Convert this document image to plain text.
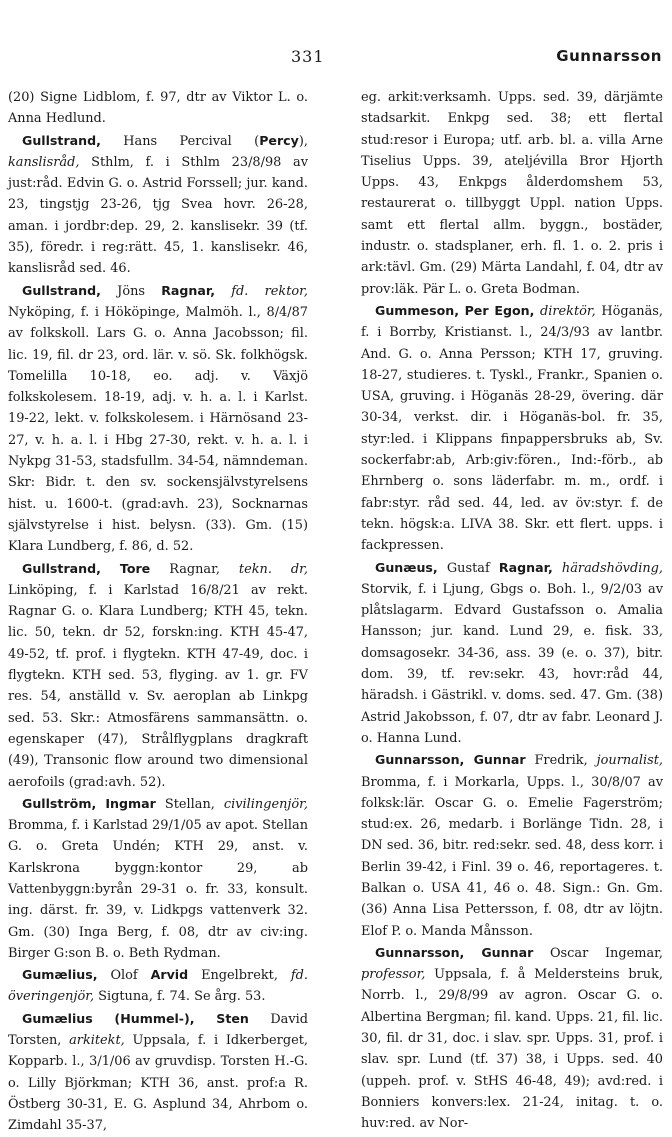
331	Gunnarsson

(20) Signe Lidblom, f. 97, dtr av Viktor L. o. Anna Hedlund.

Gullstrand, Hans Percival (Percy), kanslisråd, Sthlm, f. i Sthlm 23/8/98 av just:råd. Edvin G. o. Astrid Forssell; jur. kand. 23, tingstjg 23-26, tjg Svea hovr. 26-28, aman. i jordbr:dep. 29, 2. kanslisekr. 39 (tf. 35), föredr. i reg:rätt. 45, 1. kanslisekr. 46, kanslisråd sed. 46.

Gullstrand, Jöns Ragnar, fd. rektor, Nyköping, f. i Hököpinge, Malmöh. l., 8/4/87 av folkskoll. Lars G. o. Anna Jacobsson; fil. lic. 19, fil. dr 23, ord. lär. v. sö. Sk. folkhögsk. Tomelilla 10-18, eo. adj. v. Växjö folkskolesem. 18-19, adj. v. h. a. l. i Karlst. 19-22, lekt. v. folkskolesem. i Härnösand 23-27, v. h. a. l. i Hbg 27-30, rekt. v. h. a. l. i Nykpg 31-53, stadsfullm. 34-54, nämndeman. Skr: Bidr. t. den sv. sockensjälvstyrelsens hist. u. 1600-t. (grad:avh. 23), Socknarnas självstyrelse i hist. belysn. (33). Gm. (15) Klara Lundberg, f. 86, d. 52.

Gullstrand, Tore Ragnar, tekn. dr, Linköping, f. i Karlstad 16/8/21 av rekt. Ragnar G. o. Klara Lundberg; KTH 45, tekn. lic. 50, tekn. dr 52, forskn:ing. KTH 45-47, 49-52, tf. prof. i flygtekn. KTH 47-49, doc. i flygtekn. KTH sed. 53, flyging. av 1. gr. FV res. 54, anställd v. Sv. aeroplan ab Linkpg sed. 53. Skr.: Atmosfärens sammansättn. o. egenskaper (47), Strålflygplans dragkraft (49), Transonic flow around two dimensional aerofoils (grad:avh. 52).

Gullström, Ingmar Stellan, civilingenjör, Bromma, f. i Karlstad 29/1/05 av apot. Stellan G. o. Greta Undén; KTH 29, anst. v. Karlskrona byggn:kontor 29, ab Vattenbyggn:byrån 29-31 o. fr. 33, konsult. ing. därst. fr. 39, v. Lidkpgs vattenverk 32. Gm. (30) Inga Berg, f. 08, dtr av civ:ing. Birger G:son B. o. Beth Rydman.

Gumælius, Olof Arvid Engelbrekt, fd. överingenjör, Sigtuna, f. 74. Se årg. 53.

Gumælius (Hummel-), Sten David Torsten, arkitekt, Uppsala, f. i Idkerberget, Kopparb. l., 3/1/06 av gruvdisp. Torsten H.-G. o. Lilly Björkman; KTH 36, anst. prof:a R. Östberg 30-31, E. G. Asplund 34, Ahrbom o. Zimdahl 35-37,

eg. arkit:verksamh. Upps. sed. 39, därjämte stadsarkit. Enkpg sed. 38; ett flertal stud:resor i Europa; utf. arb. bl. a. villa Arne Tiselius Upps. 39, ateljévilla Bror Hjorth Upps. 43, Enkpgs ålderdomshem 53, restaurerat o. tillbyggt Uppl. nation Upps. samt ett flertal allm. byggn., bostäder, industr. o. stadsplaner, erh. fl. 1. o. 2. pris i ark:tävl. Gm. (29) Märta Landahl, f. 04, dtr av prov:läk. Pär L. o. Greta Bodman.

Gummeson, Per Egon, direktör, Höganäs, f. i Borrby, Kristianst. l., 24/3/93 av lantbr. And. G. o. Anna Persson; KTH 17, gruving. 18-27, studieres. t. Tyskl., Frankr., Spanien o. USA, gruving. i Höganäs 28-29, övering. där 30-34, verkst. dir. i Höganäs-bol. fr. 35, styr:led. i Klippans finpappersbruks ab, Sv. sockerfabr:ab, Arb:giv:fören., Ind:-förb., ab Ehrnberg o. sons läderfabr. m. m., ordf. i fabr:styr. råd sed. 44, led. av öv:styr. f. de tekn. högsk:a. LIVA 38. Skr. ett flert. upps. i fackpressen.

Gunæus, Gustaf Ragnar, häradshövding, Storvik, f. i Ljung, Gbgs o. Boh. l., 9/2/03 av plåtslagarm. Edvard Gustafsson o. Amalia Hansson; jur. kand. Lund 29, e. fisk. 33, domsagosekr. 34-36, ass. 39 (e. o. 37), bitr. dom. 39, tf. rev:sekr. 43, hovr:råd 44, häradsh. i Gästrikl. v. doms. sed. 47. Gm. (38) Astrid Jakobsson, f. 07, dtr av fabr. Leonard J. o. Hanna Lund.

Gunnarsson, Gunnar Fredrik, journalist, Bromma, f. i Morkarla, Upps. l., 30/8/07 av folksk:lär. Oscar G. o. Emelie Fagerström; stud:ex. 26, medarb. i Borlänge Tidn. 28, i DN sed. 36, bitr. red:sekr. sed. 48, dess korr. i Berlin 39-42, i Finl. 39 o. 46, reportageres. t. Balkan o. USA 41, 46 o. 48. Sign.: Gn. Gm. (36) Anna Lisa Pettersson, f. 08, dtr av löjtn. Elof P. o. Manda Månsson.

Gunnarsson, Gunnar Oscar Ingemar, professor, Uppsala, f. å Meldersteins bruk, Norrb. l., 29/8/99 av agron. Oscar G. o. Albertina Bergman; fil. kand. Upps. 21, fil. lic. 30, fil. dr 31, doc. i slav. spr. Upps. 31, prof. i slav. spr. Lund (tf. 37) 38, i Upps. sed. 40 (uppeh. prof. v. StHS 46-48, 49); avd:red. i Bonniers konvers:lex. 21-24, initag. t. o. huv:red. av Nor-
